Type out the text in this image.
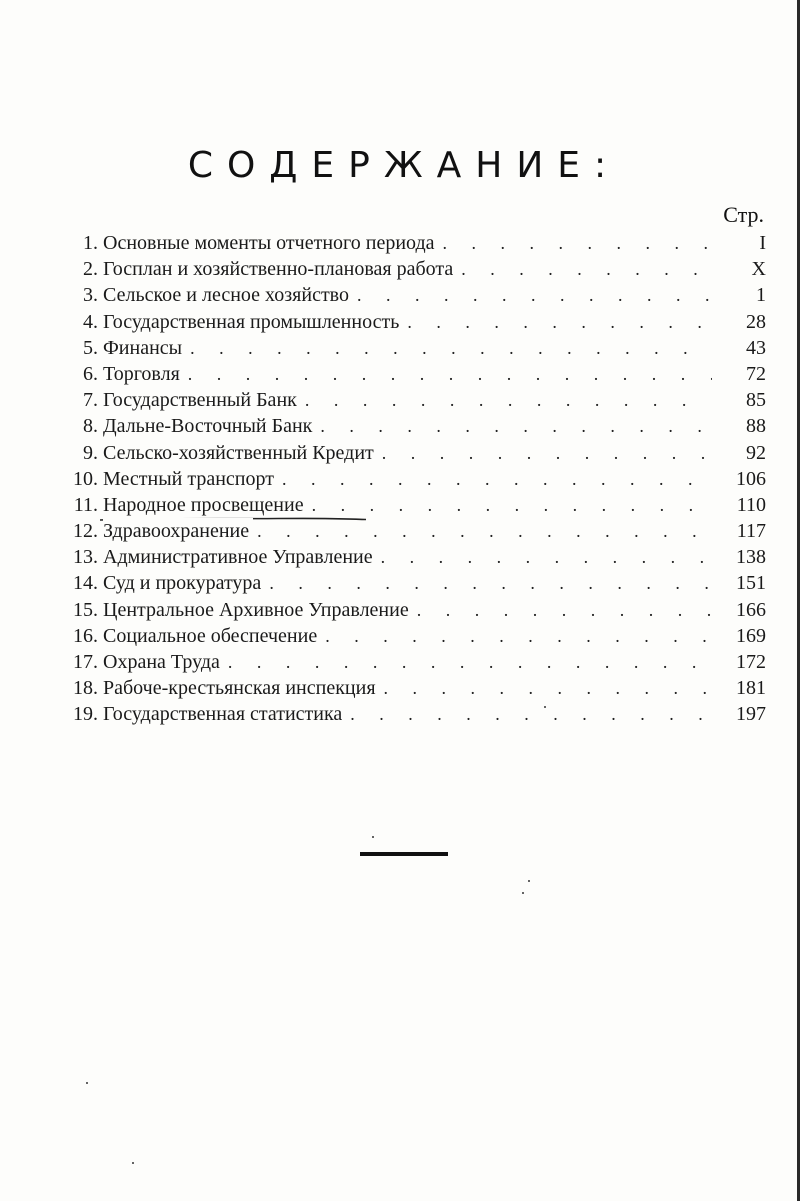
СОДЕРЖАНИЕ:
Стр.
1. Основные моменты отчетного периода . . .	I
2. Госплан и хозяйственно-плановая работа . . .	X
3. Сельское и лесное хозяйство . . .	1
4. Государственная промышленность . . .	28
5. Финансы . . .	43
6. Торговля . . .	72
7. Государственный Банк . . .	85
8. Дальне-Восточный Банк . . .	88
9. Сельско-хозяйственный Кредит . . .	92
10. Местный транспорт . . .	106
11. Народное просвещение . . .	110
12. Здравоохранение . . .	117
13. Административное Управление . . .	138
14. Суд и прокуратура . . .	151
15. Центральное Архивное Управление . . .	166
16. Социальное обеспечение . . .	169
17. Охрана Труда . . .	172
18. Рабоче-крестьянская инспекция . . .	181
19. Государственная статистика . . .	197
